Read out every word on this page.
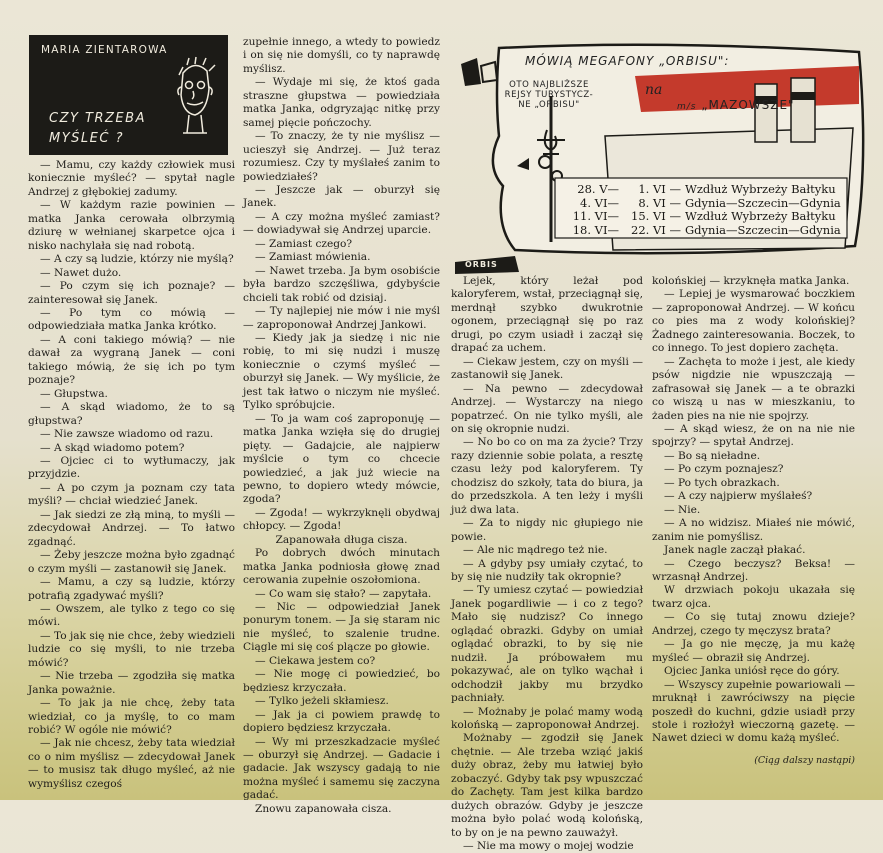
MARIA ZIENTAROWA
CZY TRZEBA
MYŚLEĆ ?

— Mamu, czy każdy człowiek musi koniecznie myśleć? — spytał nagle Andrzej z głębokiej zadumy.

— W każdym razie powinien — matka Janka cerowała olbrzymią dziurę w wełnianej skarpetce ojca i nisko nachylała się nad robotą.

— A czy są ludzie, którzy nie myślą?

— Nawet dużo.

— Po czym się ich poznaje? — zainteresował się Janek.

— Po tym co mówią — odpowiedziała matka Janka krótko.

— A coni takiego mówią? — nie dawał za wygraną Janek — coni takiego mówią, że się ich po tym poznaje?

— Głupstwa.

— A skąd wiadomo, że to są głupstwa?

— Nie zawsze wiadomo od razu.

— A skąd wiadomo potem?

— Ojciec ci to wytłumaczy, jak przyjdzie.

— A po czym ja poznam czy tata myśli? — chciał wiedzieć Janek.

— Jak siedzi ze złą miną, to myśli — zdecydował Andrzej. — To łatwo zgadnąć.

— Żeby jeszcze można było zgadnąć o czym myśli — zastanowił się Janek.

— Mamu, a czy są ludzie, którzy potrafią zgadywać myśli?

— Owszem, ale tylko z tego co się mówi.

— To jak się nie chce, żeby wiedzieli ludzie co się myśli, to nie trzeba mówić?

— Nie trzeba — zgodziła się matka Janka poważnie.

— To jak ja nie chcę, żeby tata wiedział, co ja myślę, to co mam robić? W ogóle nie mówić?

— Jak nie chcesz, żeby tata wiedział co o nim myślisz — zdecydował Janek — to musisz tak długo myśleć, aż nie wymyślisz czegoś

zupełnie innego, a wtedy to powiedz i on się nie domyśli, co ty naprawdę myślisz.

— Wydaje mi się, że ktoś gada straszne głupstwa — powiedziała matka Janka, odgryzając nitkę przy samej pięcie pończochy.

— To znaczy, że ty nie myślisz — ucieszył się Andrzej. — Już teraz rozumiesz. Czy ty myślałeś zanim to powiedziałeś?

— Jeszcze jak — oburzył się Janek.

— A czy można myśleć zamiast? — dowiadywał się Andrzej uparcie.

— Zamiast czego?

— Zamiast mówienia.

— Nawet trzeba. Ja bym osobiście była bardzo szczęśliwa, gdybyście chcieli tak robić od dzisiaj.

— Ty najlepiej nie mów i nie myśl — zaproponował Andrzej Jankowi.

— Kiedy jak ja siedzę i nic nie robię, to mi się nudzi i muszę koniecznie o czymś myśleć — oburzył się Janek. — Wy myślicie, że jest tak łatwo o niczym nie myśleć. Tylko spróbujcie.

— To ja wam coś zaproponuję — matka Janka wzięła się do drugiej pięty. — Gadajcie, ale najpierw myślcie o tym co chcecie powiedzieć, a jak już wiecie na pewno, to dopiero wtedy mówcie, zgoda?

— Zgoda! — wykrzyknęli obydwaj chłopcy. — Zgoda!

Zapanowała długa cisza.

Po dobrych dwóch minutach matka Janka podniosła głowę znad cerowania zupełnie oszołomiona.

— Co wam się stało? — zapytała.

— Nic — odpowiedział Janek ponurym tonem. — Ja się staram nic nie myśleć, to szalenie trudne. Ciągle mi się coś plącze po głowie.

— Ciekawa jestem co?

— Nie mogę ci powiedzieć, bo będziesz krzyczała.

— Tylko jeżeli skłamiesz.

— Jak ja ci powiem prawdę to dopiero będziesz krzyczała.

— Wy mi przeszkadzacie myśleć — oburzył się Andrzej. — Gadacie i gadacie. Jak wszyscy gadają to nie można myśleć i samemu się zaczyna gadać.

Znowu zapanowała cisza.

MÓWIĄ MEGAFONY „ORBISU":
OTO NAJBLIŻSZE
REJSY TURYSTYCZ-
NE „ORBISU"
na
m/s „MAZOWSZE"
28. V— 1. VI — Wzdłuż Wybrzeży Bałtyku
4. VI— 8. VI — Gdynia—Szczecin—Gdynia
11. VI— 15. VI — Wzdłuż Wybrzeży Bałtyku
18. VI— 22. VI — Gdynia—Szczecin—Gdynia
ORBIS

Lejek, który leżał pod kaloryferem, wstał, przeciągnął się, merdnął szybko dwukrotnie ogonem, przeciągnął się po raz drugi, po czym usiadł i zaczął się drapać za uchem.

— Ciekaw jestem, czy on myśli — zastanowił się Janek.

— Na pewno — zdecydował Andrzej. — Wystarczy na niego popatrzeć. On nie tylko myśli, ale on się okropnie nudzi.

— No bo co on ma za życie? Trzy razy dziennie sobie polata, a resztę czasu leży pod kaloryferem. Ty chodzisz do szkoły, tata do biura, ja do przedszkola. A ten leży i myśli już dwa lata.

— Za to nigdy nic głupiego nie powie.

— Ale nic mądrego też nie.

— A gdyby psy umiały czytać, to by się nie nudziły tak okropnie?

— Ty umiesz czytać — powiedział Janek pogardliwie — i co z tego? Mało się nudzisz? Co innego oglądać obrazki. Gdyby on umiał oglądać obrazki, to by się nie nudził. Ja próbowałem mu pokazywać, ale on tylko wąchał i odchodził jakby mu brzydko pachniały.

— Możnaby je polać mamy wodą kolońską — zaproponował Andrzej.

Możnaby — zgodził się Janek chętnie. — Ale trzeba wziąć jakiś duży obraz, żeby mu łatwiej było zobaczyć. Gdyby tak psy wpuszczać do Zachęty. Tam jest kilka bardzo dużych obrazów. Gdyby je jeszcze można było polać wodą kolońską, to by on je na pewno zauważył.

— Nie ma mowy o mojej wodzie

kolońskiej — krzyknęła matka Janka.

— Lepiej je wysmarować boczkiem — zaproponował Andrzej. — W końcu co pies ma z wody kolońskiej? Żadnego zainteresowania. Boczek, to co innego. To jest dopiero zachęta.

— Zachęta to może i jest, ale kiedy psów nigdzie nie wpuszczają — zafrasował się Janek — a te obrazki co wiszą u nas w mieszkaniu, to żaden pies na nie nie spojrzy.

— A skąd wiesz, że on na nie nie spojrzy? — spytał Andrzej.

— Bo są nieładne.

— Po czym poznajesz?

— Po tych obrazkach.

— A czy najpierw myślałeś?

— Nie.

— A no widzisz. Miałeś nie mówić, zanim nie pomyślisz.

Janek nagle zaczął płakać.

— Czego beczysz? Beksa! — wrzasnął Andrzej.

W drzwiach pokoju ukazała się twarz ojca.

— Co się tutaj znowu dzieje? Andrzej, czego ty męczysz brata?

— Ja go nie męczę, ja mu każę myśleć — obraził się Andrzej.

Ojciec Janka uniósł ręce do góry.

— Wszyscy zupełnie powariowali — mruknął i zawróciwszy na pięcie poszedł do kuchni, gdzie usiadł przy stole i rozłożył wieczorną gazetę. — Nawet dzieci w domu każą myśleć.

(Ciąg dalszy nastąpi)
